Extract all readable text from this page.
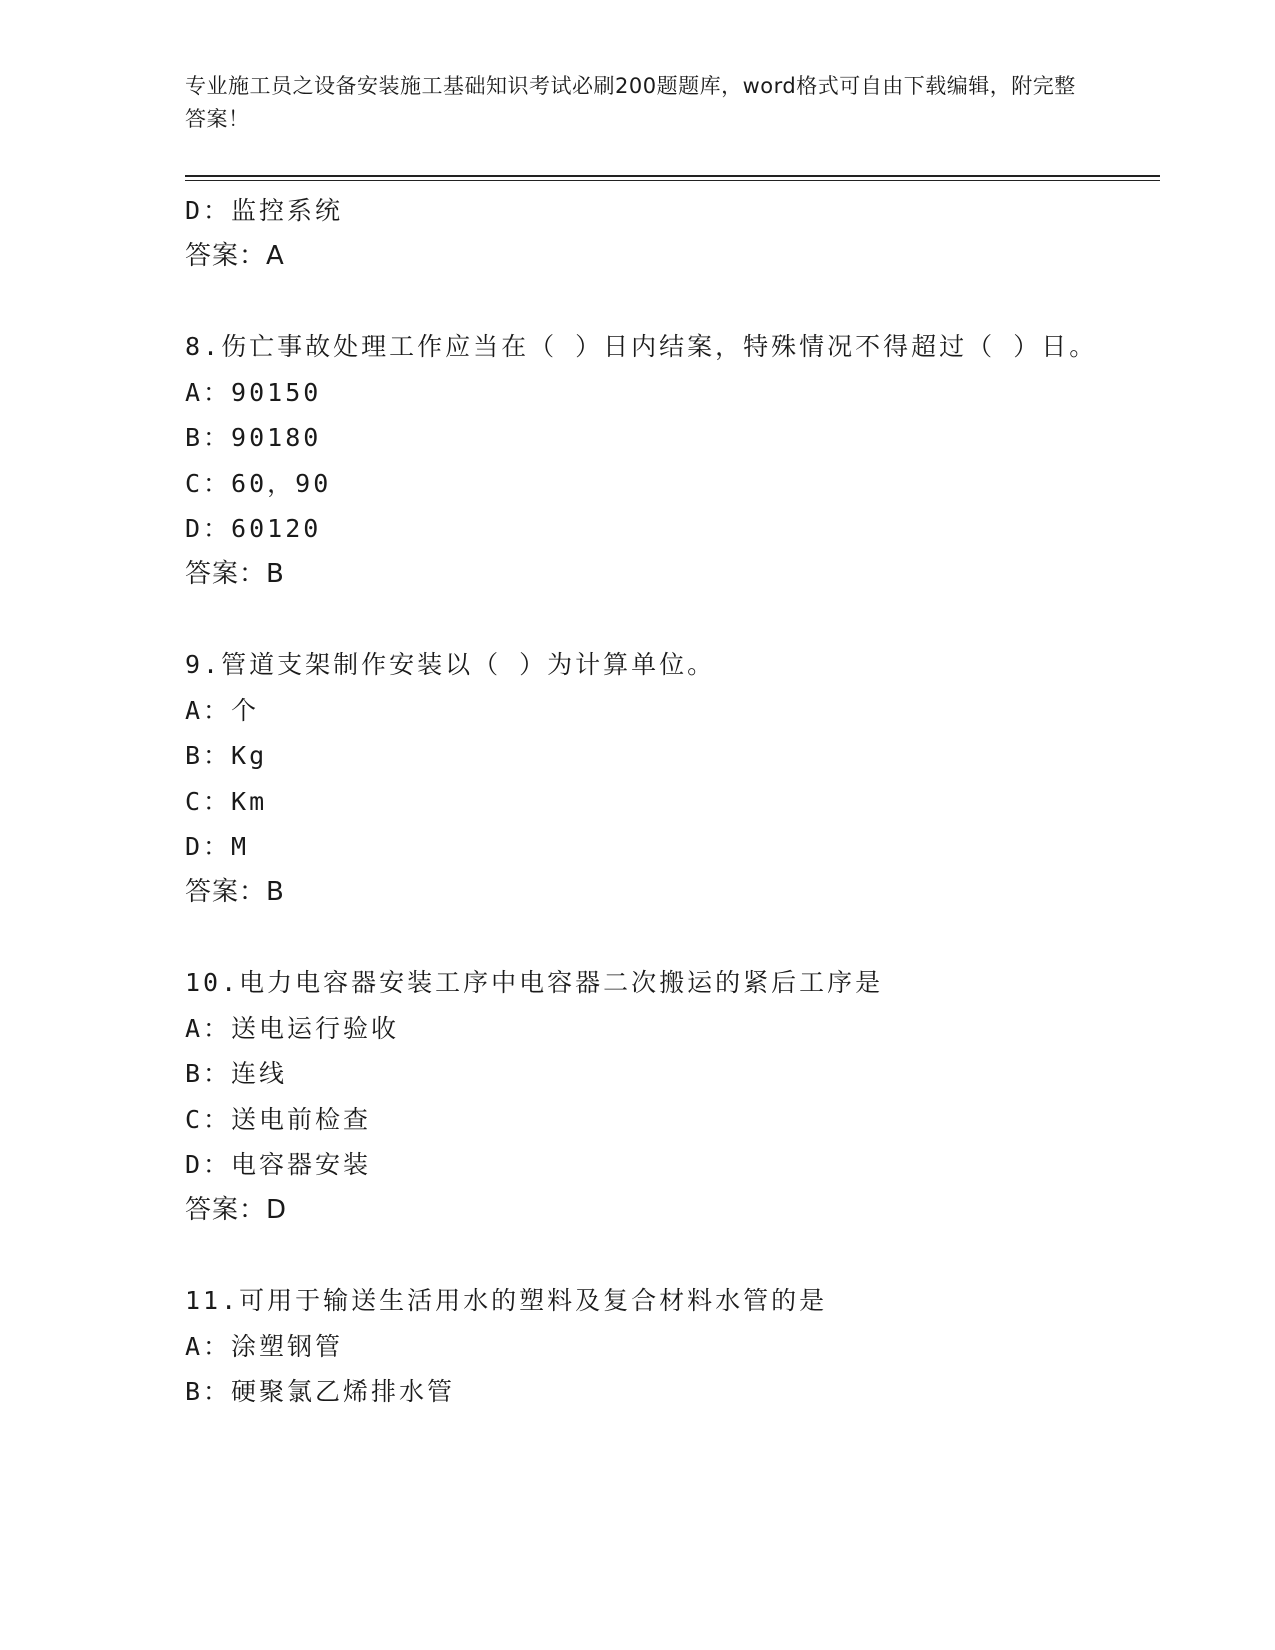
专业施工员之设备安装施工基础知识考试必刷200题题库，word格式可自由下载编辑，附完整答案！
D：监控系统
答案：A
8.伤亡事故处理工作应当在（ ）日内结案，特殊情况不得超过（ ）日。
A：90150
B：90180
C：60，90
D：60120
答案：B
9.管道支架制作安装以（ ）为计算单位。
A：个
B：Kg
C：Km
D：M
答案：B
10.电力电容器安装工序中电容器二次搬运的紧后工序是
A：送电运行验收
B：连线
C：送电前检查
D：电容器安装
答案：D
11.可用于输送生活用水的塑料及复合材料水管的是
A：涂塑钢管
B：硬聚氯乙烯排水管
